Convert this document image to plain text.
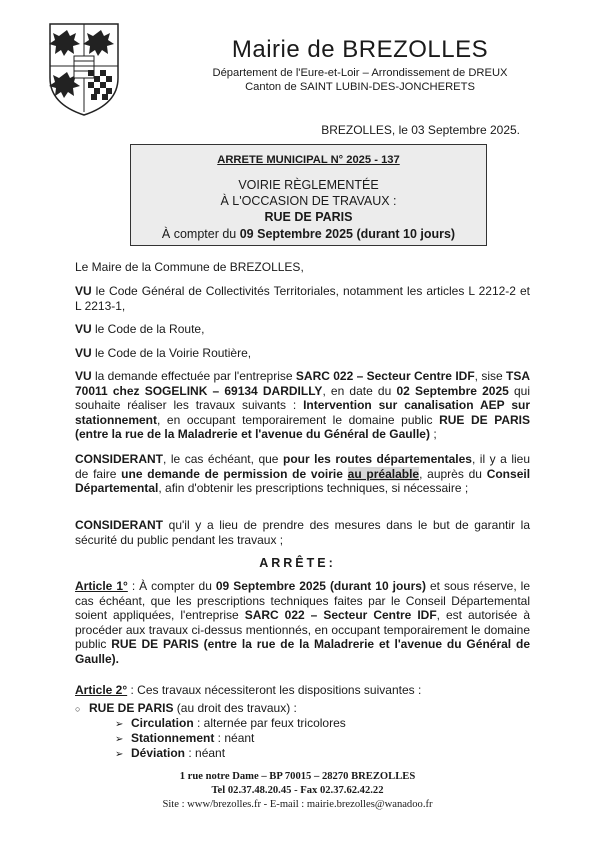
Mairie de BREZOLLES
Département de l'Eure-et-Loir – Arrondissement de DREUX
Canton de SAINT LUBIN-DES-JONCHERETS
BREZOLLES, le 03 Septembre 2025.
ARRETE MUNICIPAL N° 2025 - 137
VOIRIE RÈGLEMENTÉE
À L'OCCASION DE TRAVAUX :
RUE DE PARIS
À compter du 09 Septembre 2025 (durant 10 jours)
Le Maire de la Commune de BREZOLLES,
VU le Code Général de Collectivités Territoriales, notamment les articles L 2212-2 et L 2213-1,
VU le Code de la Route,
VU le Code de la Voirie Routière,
VU la demande effectuée par l'entreprise SARC 022 – Secteur Centre IDF, sise TSA 70011 chez SOGELINK – 69134 DARDILLY, en date du 02 Septembre 2025 qui souhaite réaliser les travaux suivants : Intervention sur canalisation AEP sur stationnement, en occupant temporairement le domaine public RUE DE PARIS (entre la rue de la Maladrerie et l'avenue du Général de Gaulle) ;
CONSIDERANT, le cas échéant, que pour les routes départementales, il y a lieu de faire une demande de permission de voirie au préalable, auprès du Conseil Départemental, afin d'obtenir les prescriptions techniques, si nécessaire ;
CONSIDERANT qu'il y a lieu de prendre des mesures dans le but de garantir la sécurité du public pendant les travaux ;
ARRÊTE:
Article 1° : À compter du 09 Septembre 2025 (durant 10 jours) et sous réserve, le cas échéant, que les prescriptions techniques faites par le Conseil Départemental soient appliquées, l'entreprise SARC 022 – Secteur Centre IDF, est autorisée à procéder aux travaux ci-dessus mentionnés, en occupant temporairement le domaine public RUE DE PARIS (entre la rue de la Maladrerie et l'avenue du Général de Gaulle).
Article 2° : Ces travaux nécessiteront les dispositions suivantes :
○ RUE DE PARIS (au droit des travaux) :
➢ Circulation : alternée par feux tricolores
➢ Stationnement : néant
➢ Déviation : néant
1 rue notre Dame – BP 70015 – 28270 BREZOLLES
Tel 02.37.48.20.45 - Fax 02.37.62.42.22
Site : www/brezolles.fr - E-mail : mairie.brezolles@wanadoo.fr
